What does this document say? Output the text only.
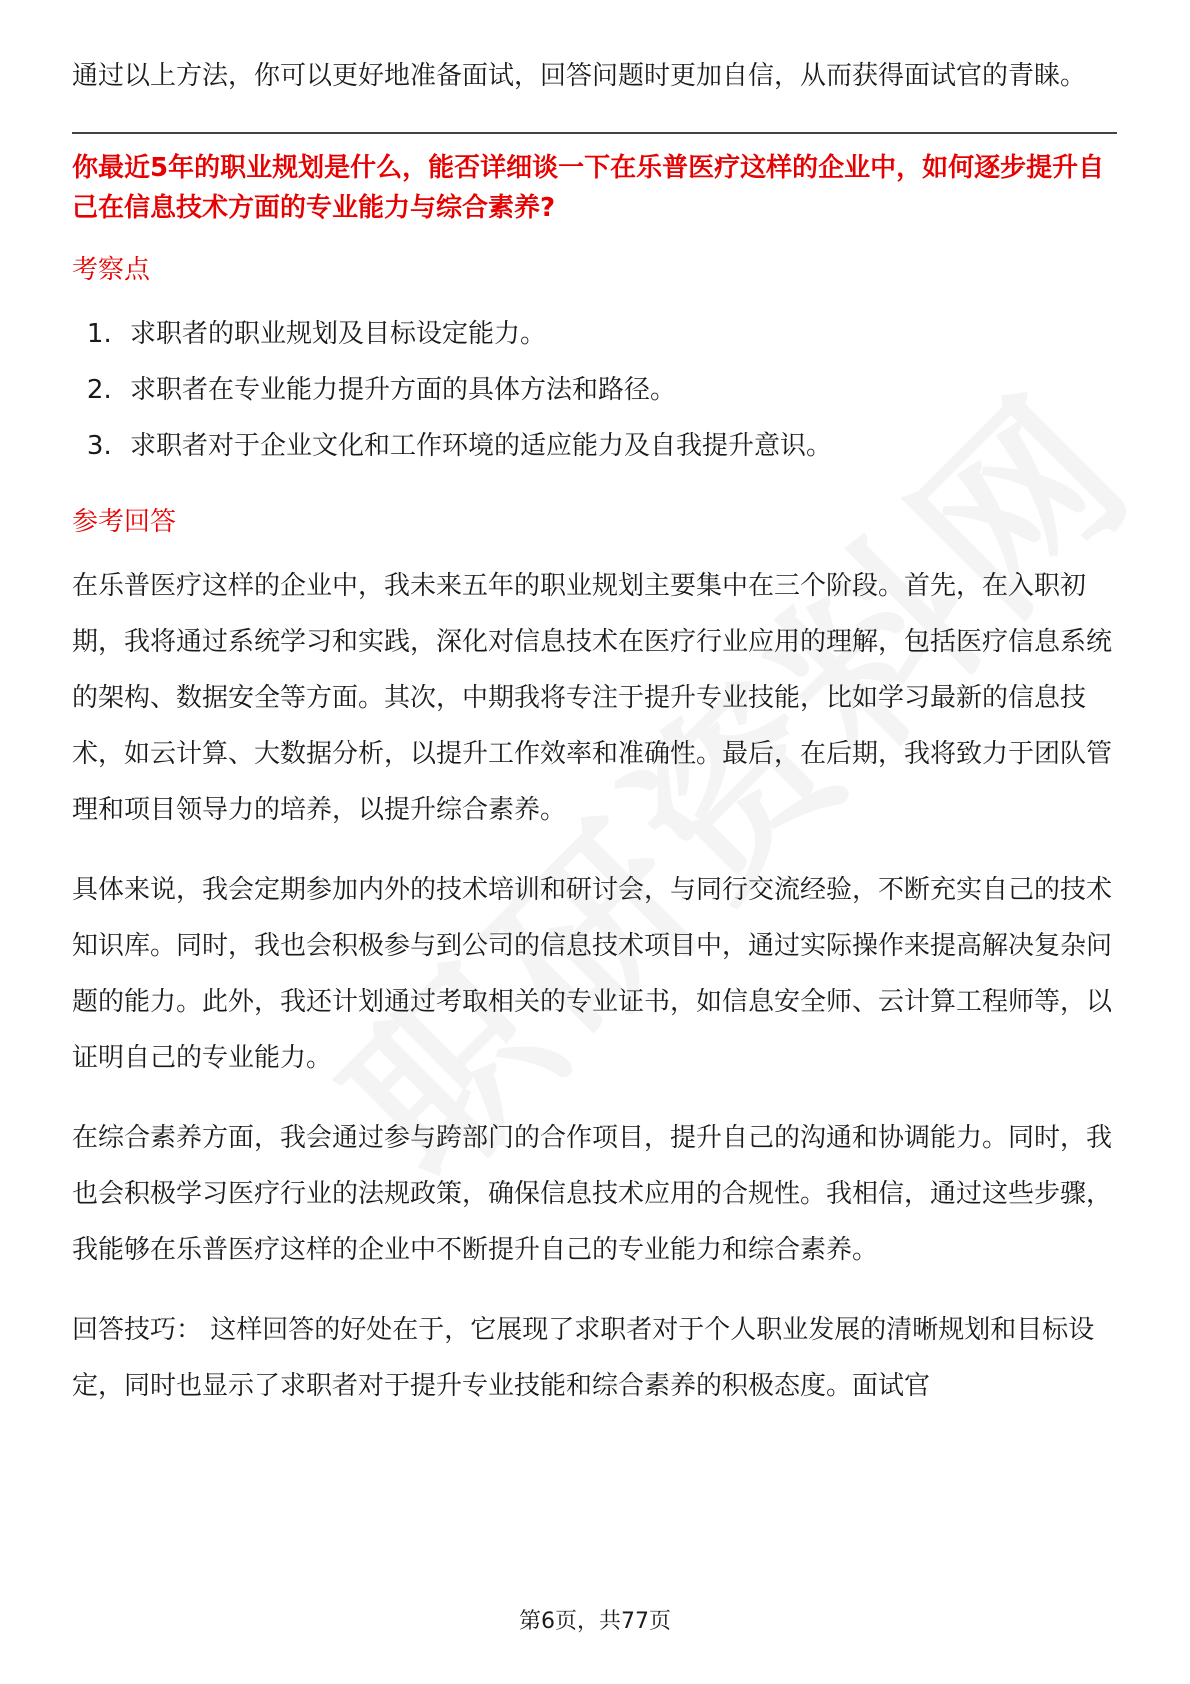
通过以上方法，你可以更好地准备面试，回答问题时更加自信，从而获得面试官的青睐。

你最近5年的职业规划是什么，能否详细谈一下在乐普医疗这样的企业中，如何逐步提升自己在信息技术方面的专业能力与综合素养?
考察点
1. 求职者的职业规划及目标设定能力。
2. 求职者在专业能力提升方面的具体方法和路径。
3. 求职者对于企业文化和工作环境的适应能力及自我提升意识。
参考回答

在乐普医疗这样的企业中，我未来五年的职业规划主要集中在三个阶段。首先，在入职初期，我将通过系统学习和实践，深化对信息技术在医疗行业应用的理解，包括医疗信息系统的架构、数据安全等方面。其次，中期我将专注于提升专业技能，比如学习最新的信息技术，如云计算、大数据分析，以提升工作效率和准确性。最后，在后期，我将致力于团队管理和项目领导力的培养，以提升综合素养。

具体来说，我会定期参加内外的技术培训和研讨会，与同行交流经验，不断充实自己的技术知识库。同时，我也会积极参与到公司的信息技术项目中，通过实际操作来提高解决复杂问题的能力。此外，我还计划通过考取相关的专业证书，如信息安全师、云计算工程师等，以证明自己的专业能力。

在综合素养方面，我会通过参与跨部门的合作项目，提升自己的沟通和协调能力。同时，我也会积极学习医疗行业的法规政策，确保信息技术应用的合规性。我相信，通过这些步骤，我能够在乐普医疗这样的企业中不断提升自己的专业能力和综合素养。

回答技巧： 这样回答的好处在于，它展现了求职者对于个人职业发展的清晰规划和目标设定，同时也显示了求职者对于提升专业技能和综合素养的积极态度。面试官

第6页，共77页
